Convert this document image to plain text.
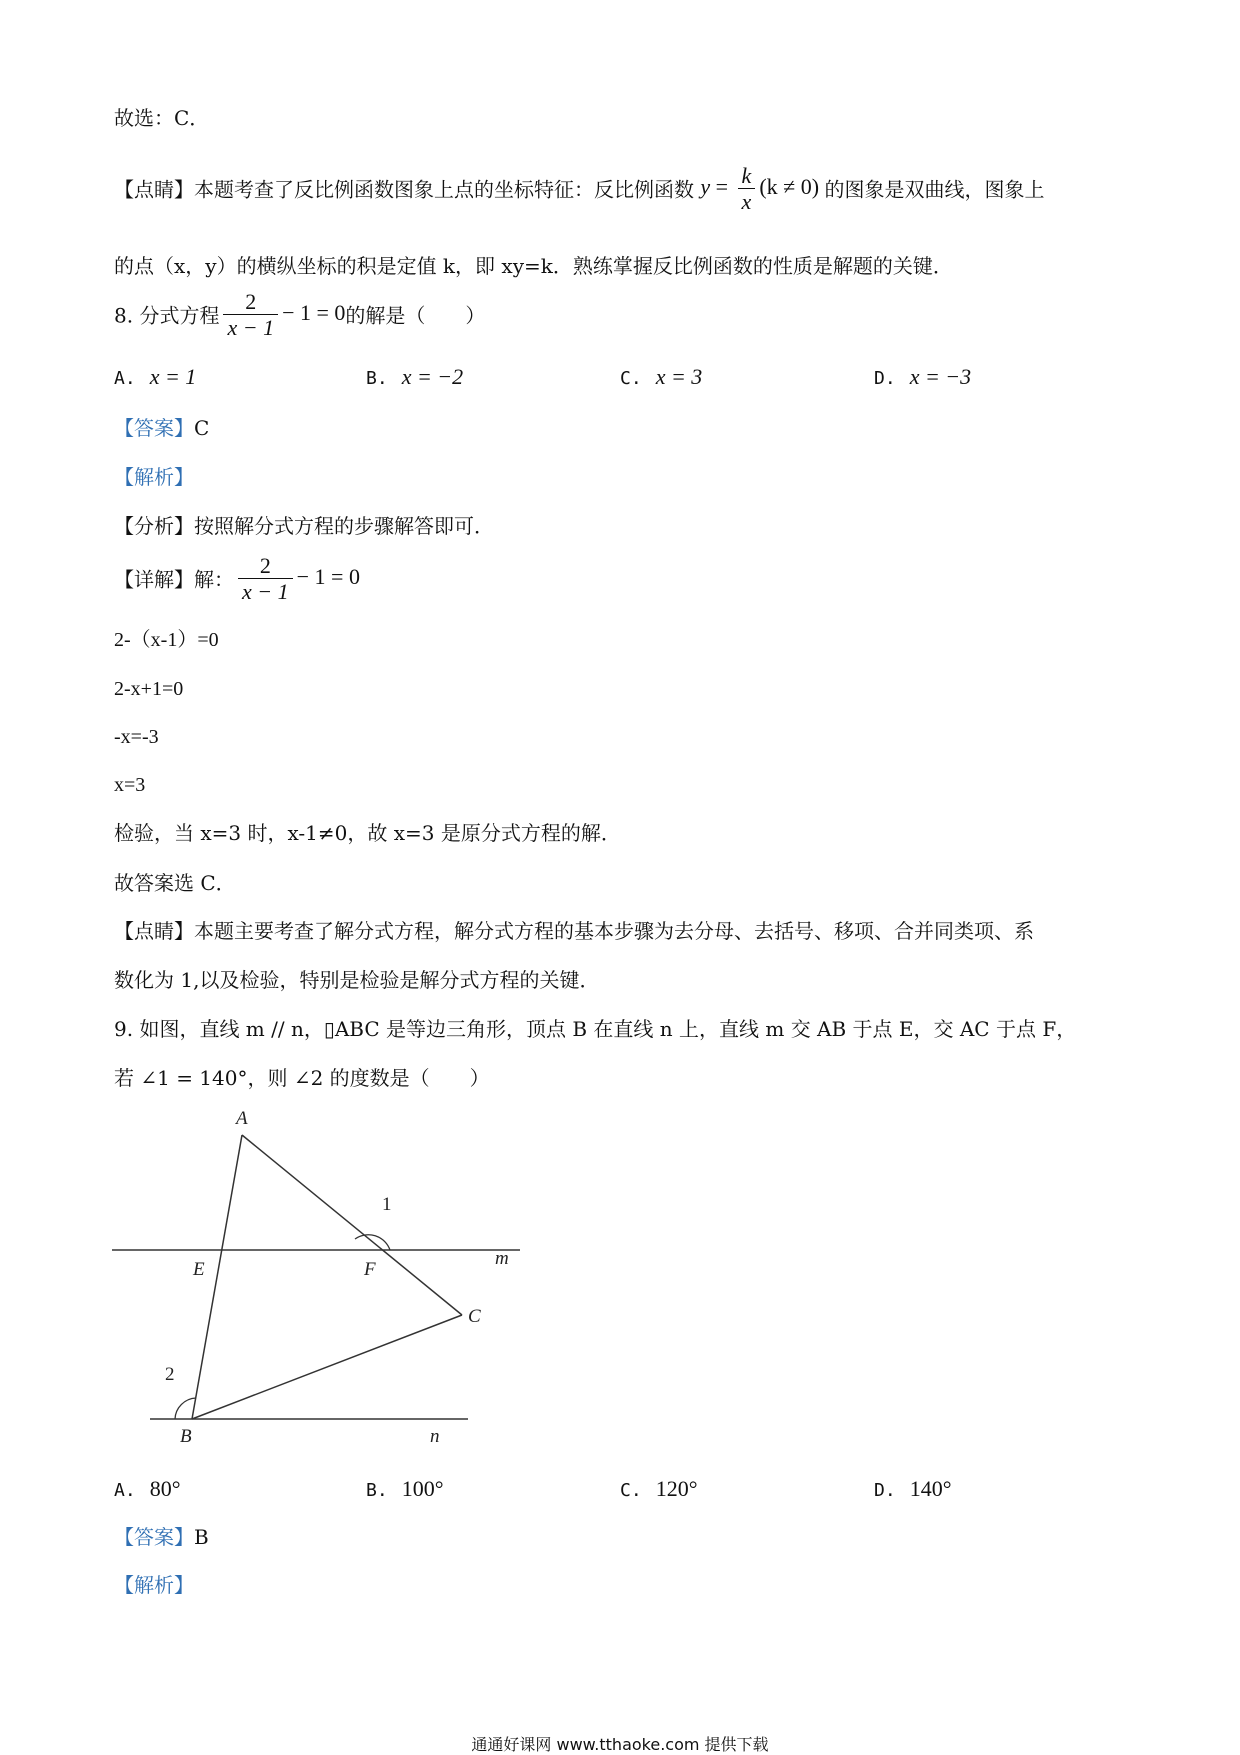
故选：C．
【点睛】本题考查了反比例函数图象上点的坐标特征：反比例函数 $y = \frac{k}{x} (k \ne 0)$ 的图象是双曲线，图象上
的点（x，y）的横纵坐标的积是定值 k，即 xy=k．熟练掌握反比例函数的性质是解题的关键．
8. 分式方程 $\frac{2}{x - 1} - 1 = 0$的解是（　　）
A. x = 1	B. x = −2	C. x = 3	D. x = −3
【答案】C
【解析】
【分析】按照解分式方程的步骤解答即可．
【详解】解： $\frac{2}{x - 1} - 1 = 0$
2-（x-1）=0
2-x+1=0
-x=-3
x=3
检验，当 x=3 时，x-1≠0，故 x=3 是原分式方程的解．
故答案选 C．
【点睛】本题主要考查了解分式方程，解分式方程的基本步骤为去分母、去括号、移项、合并同类项、系
数化为 1,以及检验，特别是检验是解分式方程的关键．
9. 如图，直线 m // n，▯ABC 是等边三角形，顶点 B 在直线 n 上，直线 m 交 AB 于点 E，交 AC 于点 F，
若 ∠1 = 140°，则 ∠2 的度数是（　　）
A
E	F
m
C
1
2
B	n
A. 80°	B. 100°	C. 120°	D. 140°
【答案】B
【解析】
通通好课网 www.tthaoke.com 提供下载
